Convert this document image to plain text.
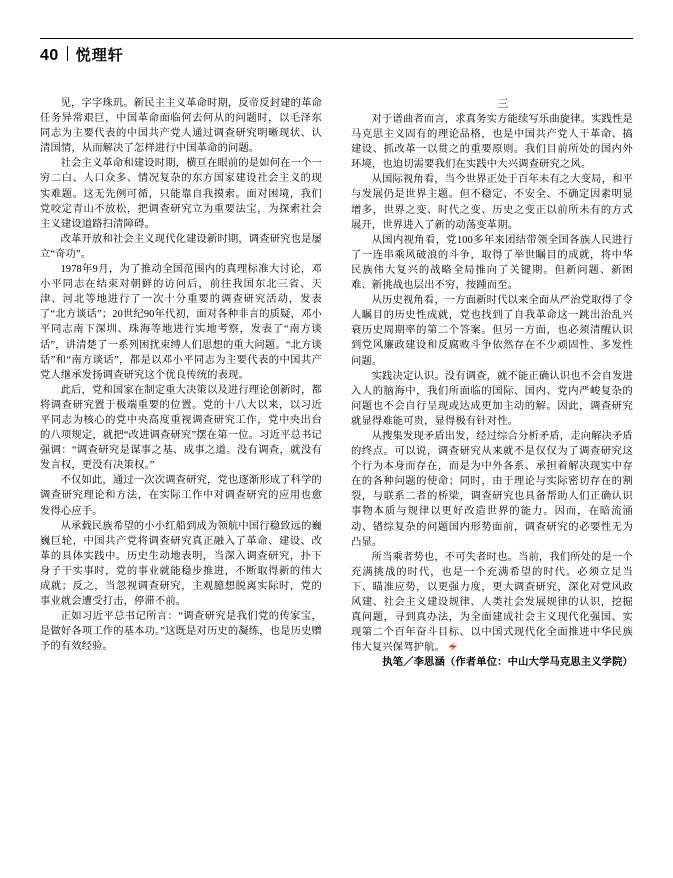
40 悦理轩

见，字字珠玑。新民主主义革命时期，反帝反封建的革命任务异常艰巨，中国革命面临何去何从的问题时，以毛泽东同志为主要代表的中国共产党人通过调查研究明晰现状、认清国情，从而解决了怎样进行中国革命的问题。

社会主义革命和建设时期，横亘在眼前的是如何在一个一穷二白、人口众多、情况复杂的东方国家建设社会主义的现实难题。这无先例可循，只能靠自我摸索。面对困境，我们党咬定青山不放松，把调查研究立为重要法宝，为探索社会主义建设道路扫清障碍。

改革开放和社会主义现代化建设新时期，调查研究也是屡立“奇功”。

1978年9月，为了推动全国范围内的真理标准大讨论，邓小平同志在结束对朝鲜的访问后，前往我国东北三省、天津、河北等地进行了一次十分重要的调查研究活动，发表了“北方谈话”；20世纪90年代初，面对各种非言的质疑，邓小平同志南下深圳、珠海等地进行实地考察，发表了“南方谈话”，讲清楚了一系列困扰束缚人们思想的重大问题。“北方谈话”和“南方谈话”，都是以邓小平同志为主要代表的中国共产党人继承发扬调查研究这个优良传统的表现。

此后，党和国家在制定重大决策以及进行理论创新时，都将调查研究置于极端重要的位置。党的十八大以来，以习近平同志为核心的党中央高度重视调查研究工作，党中央出台的八项规定，就把“改进调查研究”摆在第一位。习近平总书记强调：“调查研究是谋事之基、成事之道。没有调查，就没有发言权，更没有决策权。”

不仅如此，通过一次次调查研究，党也逐渐形成了科学的调查研究理论和方法，在实际工作中对调查研究的应用也愈发得心应手。

从承载民族希望的小小红船到成为领航中国行稳致远的巍巍巨轮，中国共产党将调查研究真正融入了革命、建设、改革的具体实践中。历史生动地表明，当深入调查研究，扑下身子干实事时，党的事业就能稳步推进，不断取得新的伟大成就；反之，当忽视调查研究，主观臆想脱离实际时，党的事业就会遭受打击，停滞不前。

正如习近平总书记所言：“调查研究是我们党的传家宝，是做好各项工作的基本功。”这既是对历史的凝练，也是历史赠予的有效经验。

三

对于谱曲者而言，求真务实方能续写乐曲旋律。实践性是马克思主义固有的理论品格，也是中国共产党人干革命、搞建设、抓改革一以贯之的重要原则。我们目前所处的国内外环境，也迫切需要我们在实践中大兴调查研究之风。

从国际视角看，当今世界正处于百年未有之大变局，和平与发展仍是世界主题。但不稳定、不安全、不确定因素明显增多，世界之变、时代之变、历史之变正以前所未有的方式展开，世界进入了新的动荡变革期。

从国内视角看，党100多年来团结带领全国各族人民进行了一连串乘风破浪的斗争，取得了举世瞩目的成就，将中华民族伟大复兴的战略全局推向了关键期。但新问题、新困难、新挑战也层出不穷，按踵而至。

从历史视角看，一方面新时代以来全面从严治党取得了令人瞩目的历史性成就，党也找到了自我革命这一跳出治乱兴衰历史周期率的第二个答案。但另一方面，也必须清醒认识到党风廉政建设和反腐败斗争依然存在不少顽固性、多发性问题。

实践决定认识。没有调查，就不能正确认识也不会自发进入人的脑海中，我们所面临的国际、国内、党内严峻复杂的问题也不会自行呈现或达成更加主动的解。因此，调查研究就显得难能可贵，显得极有针对性。

从搜集发现矛盾出发，经过综合分析矛盾，走向解决矛盾的终点。可以说，调查研究从来就不是仅仅为了调查研究这个行为本身而存在，而是为中外各系、承担着解决现实中存在的各种问题的使命；同时，由于理论与实际密切存在的割裂，与联系二者的桥梁，调查研究也具备帮助人们正确认识事物本质与规律以更好改造世界的能力。因而，在暗流涌动、错综复杂的问题国内形势面前，调查研究的必要性无为凸显。

所当乘者势也，不可失者时也。当前，我们所处的是一个充满挑战的时代，也是一个充满希望的时代。必须立足当下、瞄准应势，以更强力度，更大调查研究，深化对党风政风建、社会主义建设规律、人类社会发展规律的认识，挖掘真问题，寻到真办法，为全面建成社会主义现代化强国、实现第二个百年奋斗目标、以中国式现代化全面推进中华民族伟大复兴保驾护航。

执笔／李思涵（作者单位：中山大学马克思主义学院）
